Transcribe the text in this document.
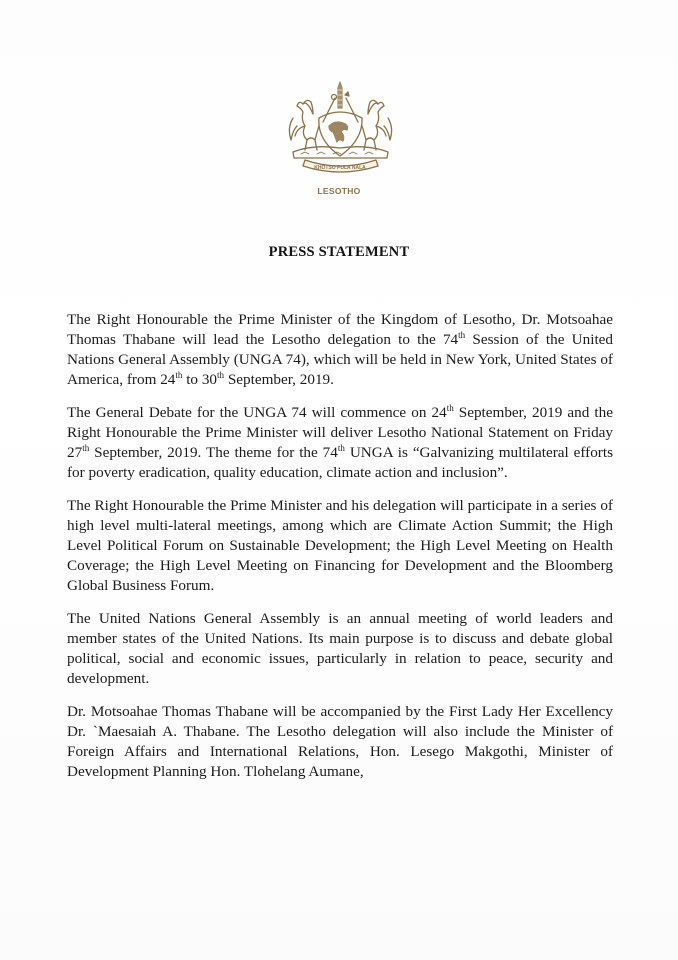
KHOTSO PULA NALA
LESOTHO
PRESS STATEMENT

The Right Honourable the Prime Minister of the Kingdom of Lesotho, Dr. Motsoahae Thomas Thabane will lead the Lesotho delegation to the 74th Session of the United Nations General Assembly (UNGA 74), which will be held in New York, United States of America, from 24th to 30th September, 2019.

The General Debate for the UNGA 74 will commence on 24th September, 2019 and the Right Honourable the Prime Minister will deliver Lesotho National Statement on Friday 27th September, 2019. The theme for the 74th UNGA is “Galvanizing multilateral efforts for poverty eradication, quality education, climate action and inclusion”.

The Right Honourable the Prime Minister and his delegation will participate in a series of high level multi-lateral meetings, among which are Climate Action Summit; the High Level Political Forum on Sustainable Development; the High Level Meeting on Health Coverage; the High Level Meeting on Financing for Development and the Bloomberg Global Business Forum.

The United Nations General Assembly is an annual meeting of world leaders and member states of the United Nations. Its main purpose is to discuss and debate global political, social and economic issues, particularly in relation to peace, security and development.

Dr. Motsoahae Thomas Thabane will be accompanied by the First Lady Her Excellency Dr. `Maesaiah A. Thabane. The Lesotho delegation will also include the Minister of Foreign Affairs and International Relations, Hon. Lesego Makgothi, Minister of Development Planning Hon. Tlohelang Aumane,
